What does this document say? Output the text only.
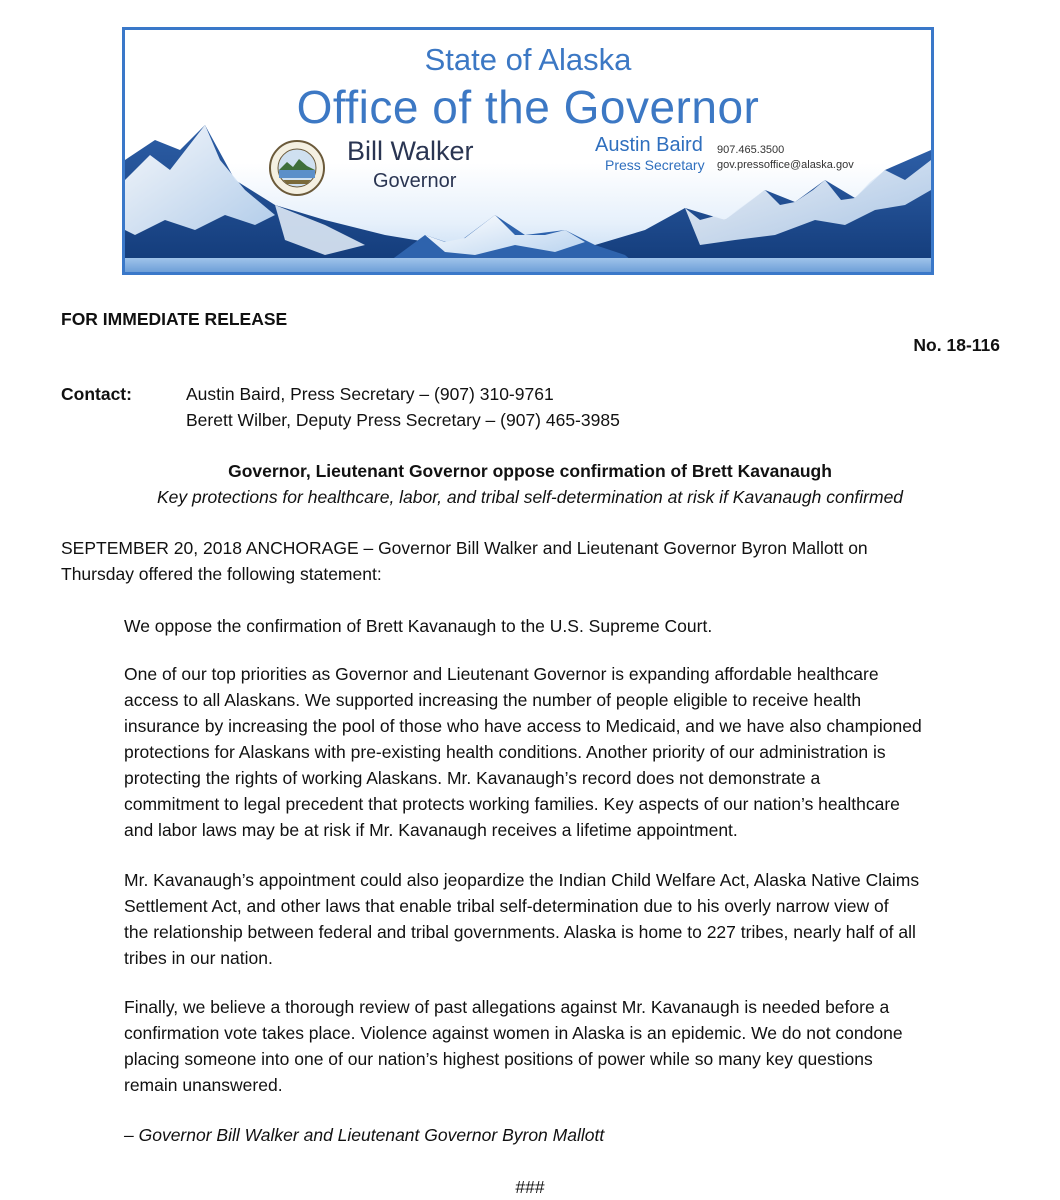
State of Alaska
Office of the Governor
Bill Walker
Governor
Austin Baird
Press Secretary
907.465.3500
gov.pressoffice@alaska.gov
FOR IMMEDIATE RELEASE
No. 18-116
Contact:	Austin Baird, Press Secretary – (907) 310-9761
Berett Wilber, Deputy Press Secretary – (907) 465-3985
Governor, Lieutenant Governor oppose confirmation of Brett Kavanaugh
Key protections for healthcare, labor, and tribal self-determination at risk if Kavanaugh confirmed
SEPTEMBER 20, 2018 ANCHORAGE – Governor Bill Walker and Lieutenant Governor Byron Mallott on
Thursday offered the following statement:
We oppose the confirmation of Brett Kavanaugh to the U.S. Supreme Court.
One of our top priorities as Governor and Lieutenant Governor is expanding affordable healthcare
access to all Alaskans. We supported increasing the number of people eligible to receive health
insurance by increasing the pool of those who have access to Medicaid, and we have also championed
protections for Alaskans with pre-existing health conditions. Another priority of our administration is
protecting the rights of working Alaskans. Mr. Kavanaugh’s record does not demonstrate a
commitment to legal precedent that protects working families. Key aspects of our nation’s healthcare
and labor laws may be at risk if Mr. Kavanaugh receives a lifetime appointment.
Mr. Kavanaugh’s appointment could also jeopardize the Indian Child Welfare Act, Alaska Native Claims
Settlement Act, and other laws that enable tribal self-determination due to his overly narrow view of
the relationship between federal and tribal governments. Alaska is home to 227 tribes, nearly half of all
tribes in our nation.
Finally, we believe a thorough review of past allegations against Mr. Kavanaugh is needed before a
confirmation vote takes place. Violence against women in Alaska is an epidemic. We do not condone
placing someone into one of our nation’s highest positions of power while so many key questions
remain unanswered.
– Governor Bill Walker and Lieutenant Governor Byron Mallott
###
